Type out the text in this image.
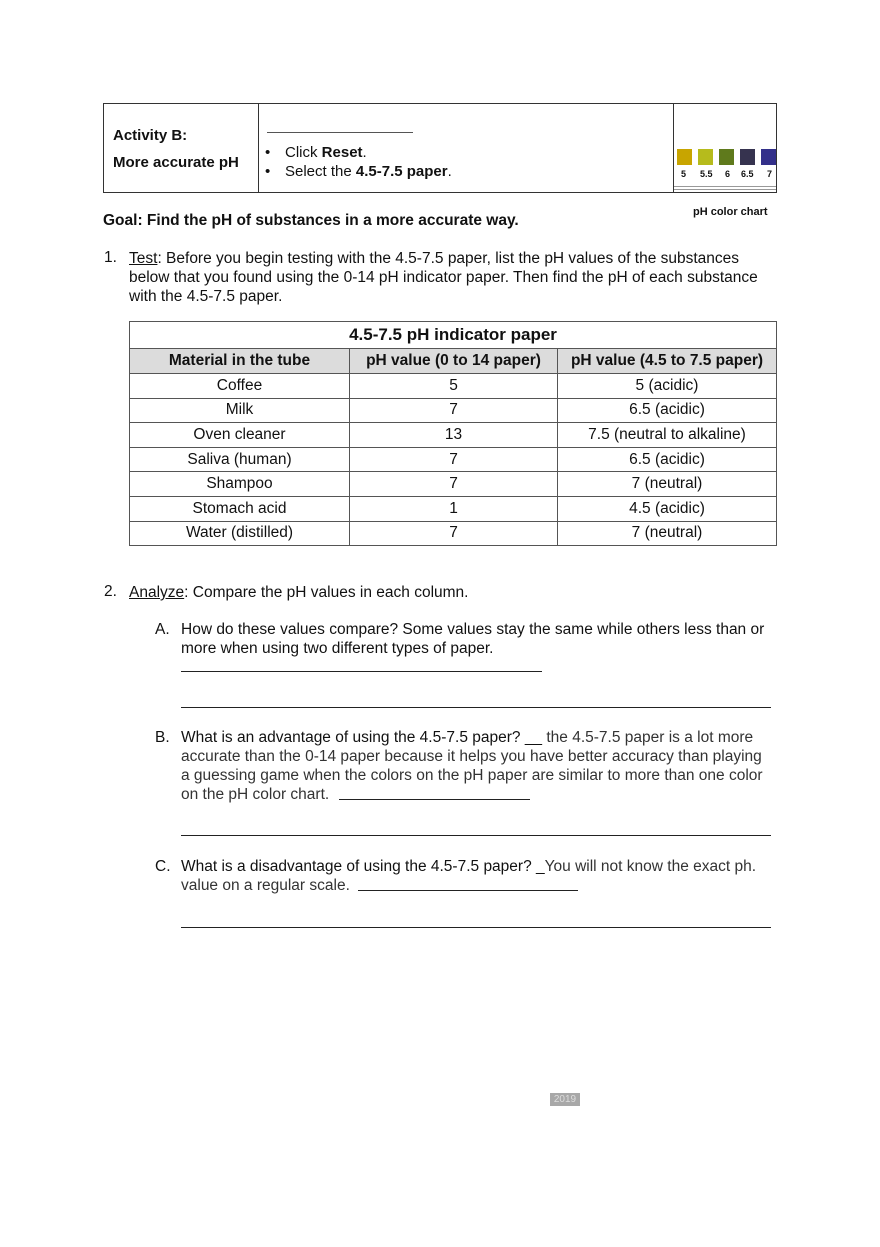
Activity B:
More accurate pH
• Click Reset.
• Select the 4.5-7.5 paper.	5 5.5 6 6.5 7
pH color chart
Goal: Find the pH of substances in a more accurate way.
1. Test: Before you begin testing with the 4.5-7.5 paper, list the pH values of the substances
below that you found using the 0-14 pH indicator paper. Then find the pH of each substance
with the 4.5-7.5 paper.
4.5-7.5 pH indicator paper		
Material in the tube	pH value (0 to 14 paper)	pH value (4.5 to 7.5 paper)
Coffee	5	5 (acidic)
Milk	7	6.5 (acidic)
Oven cleaner	13	7.5 (neutral to alkaline)
Saliva (human)	7	6.5 (acidic)
Shampoo	7	7 (neutral)
Stomach acid	1	4.5 (acidic)
Water (distilled)	7	7 (neutral)
2. Analyze: Compare the pH values in each column.
A. How do these values compare? Some values stay the same while others less than or
more when using two different types of paper.
B. What is an advantage of using the 4.5-7.5 paper? __ the 4.5-7.5 paper is a lot more
accurate than the 0-14 paper because it helps you have better accuracy than playing
a guessing game when the colors on the pH paper are similar to more than one color
on the pH color chart.
C. What is a disadvantage of using the 4.5-7.5 paper? _You will not know the exact ph.
value on a regular scale.
2019
